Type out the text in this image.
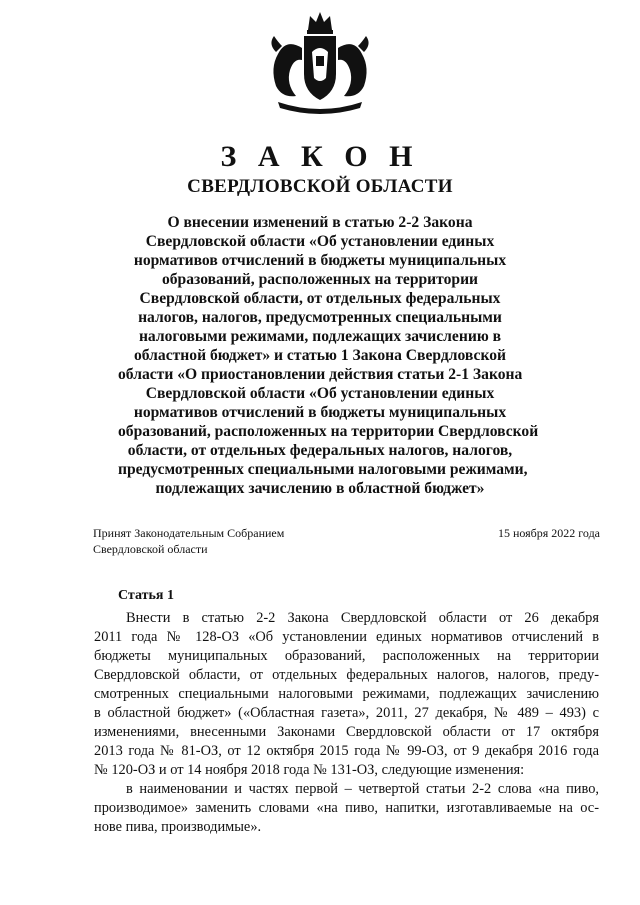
З А К О Н
СВЕРДЛОВСКОЙ ОБЛАСТИ
О внесении изменений в статью 2-2 Закона
Свердловской области «Об установлении единых
нормативов отчислений в бюджеты муниципальных
образований, расположенных на территории
Свердловской области, от отдельных федеральных
налогов, налогов, предусмотренных специальными
налоговыми режимами, подлежащих зачислению в
областной бюджет» и статью 1 Закона Свердловской
области «О приостановлении действия статьи 2-1 Закона
Свердловской области «Об установлении единых
нормативов отчислений в бюджеты муниципальных
образований, расположенных на территории Свердловской
области, от отдельных федеральных налогов, налогов,
предусмотренных специальными налоговыми режимами,
подлежащих зачислению в областной бюджет»
Принят Законодательным Собранием
Свердловской области
15 ноября 2022 года
Статья 1
Внести в статью 2-2 Закона Свердловской области от 26 декабря
2011 года № 128-ОЗ «Об установлении единых нормативов отчислений в
бюджеты муниципальных образований, расположенных на территории
Свердловской области, от отдельных федеральных налогов, налогов, преду-
смотренных специальными налоговыми режимами, подлежащих зачислению
в областной бюджет» («Областная газета», 2011, 27 декабря, № 489 – 493) с
изменениями, внесенными Законами Свердловской области от 17 октября
2013 года № 81-ОЗ, от 12 октября 2015 года № 99-ОЗ, от 9 декабря 2016 года
№ 120-ОЗ и от 14 ноября 2018 года № 131-ОЗ, следующие изменения:
в наименовании и частях первой – четвертой статьи 2-2 слова «на пиво,
производимое» заменить словами «на пиво, напитки, изготавливаемые на ос-
нове пива, производимые».
